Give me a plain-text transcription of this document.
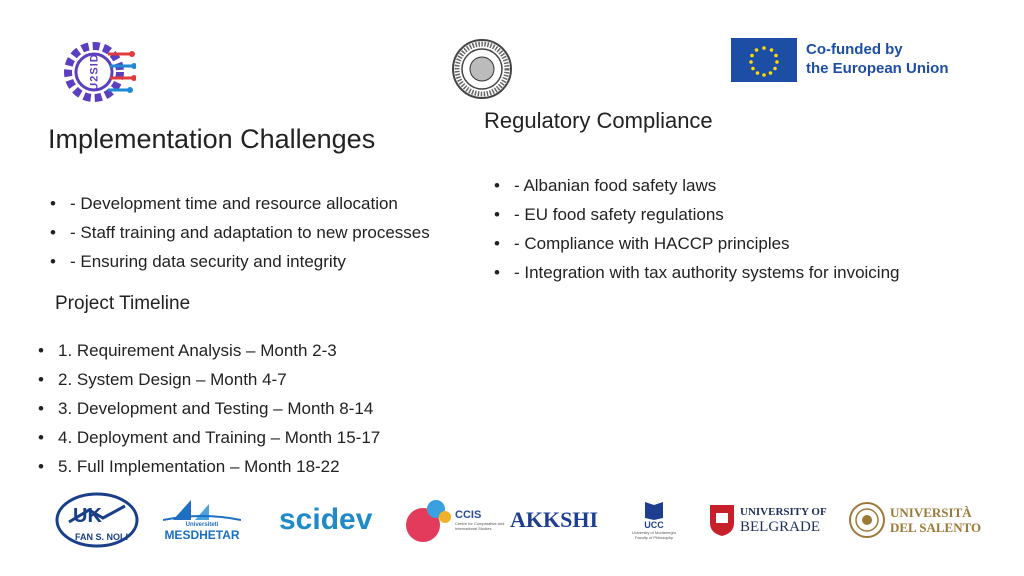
U2SID
Co-funded by
the European Union
Implementation Challenges
• - Development time and resource allocation
• - Staff training and adaptation to new processes
• - Ensuring data security and integrity
Regulatory Compliance
• - Albanian food safety laws
• - EU food safety regulations
• - Compliance with HACCP principles
• - Integration with tax authority systems for invoicing
Project Timeline
• 1. Requirement Analysis – Month 2-3
• 2. System Design – Month 4-7
• 3. Development and Testing – Month 8-14
• 4. Deployment and Training – Month 15-17
• 5. Full Implementation – Month 18-22
UK
FAN S. NOLI
Universiteti
MESDHETAR scidev	CCIS
Centre for Comparative and International Studies AKKSHI	UCC
University of Montenegro Faculty of Philosophy
UNIVERSITY OF
BELGRADE
UNIVERSITÀ
DEL SALENTO
